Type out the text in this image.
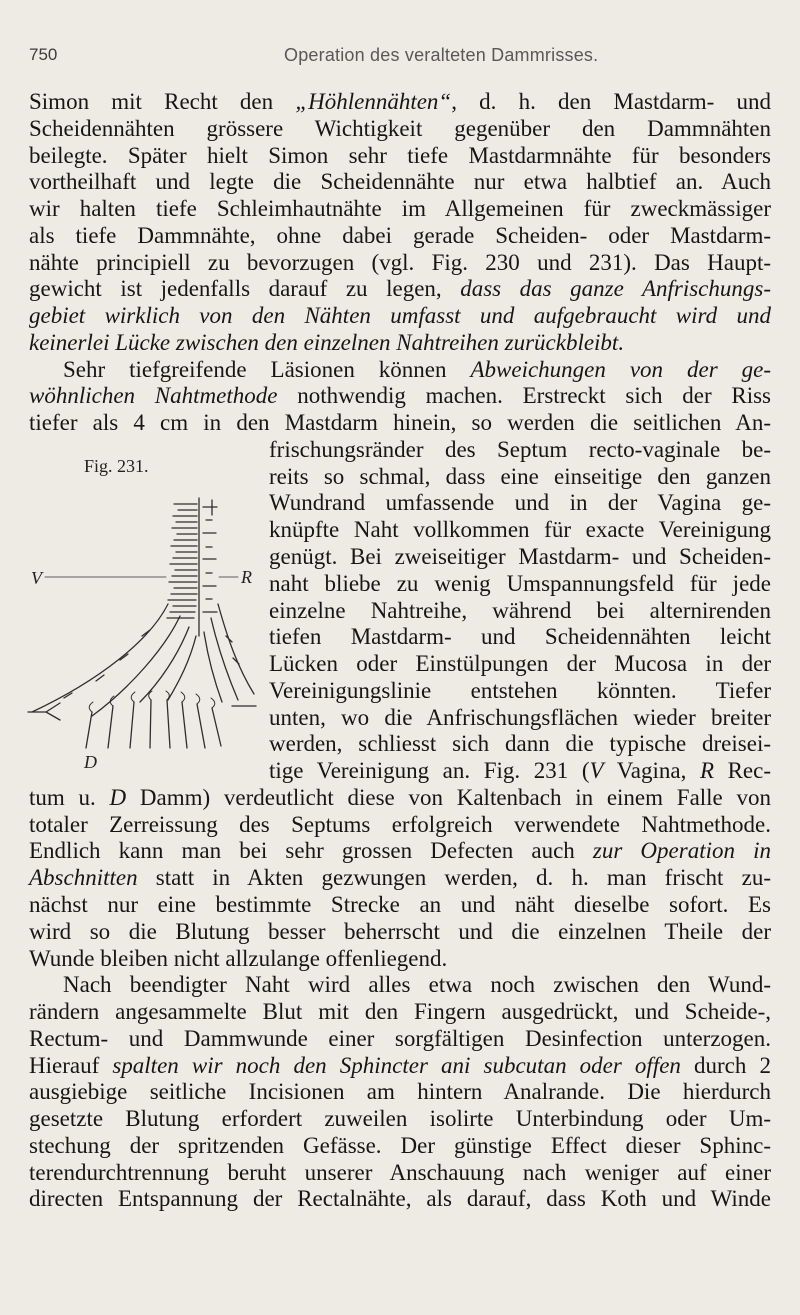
750	Operation des veralteten Dammrisses.
Simon mit Recht den „Höhlennähten“, d. h. den Mastdarm- und
Scheidennähten grössere Wichtigkeit gegenüber den Dammnähten
beilegte. Später hielt Simon sehr tiefe Mastdarmnähte für besonders
vortheilhaft und legte die Scheidennähte nur etwa halbtief an. Auch
wir halten tiefe Schleimhautnähte im Allgemeinen für zweckmässiger
als tiefe Dammnähte, ohne dabei gerade Scheiden- oder Mastdarm-
nähte principiell zu bevorzugen (vgl. Fig. 230 und 231). Das Haupt-
gewicht ist jedenfalls darauf zu legen, dass das ganze Anfrischungs-
gebiet wirklich von den Nähten umfasst und aufgebraucht wird und
keinerlei Lücke zwischen den einzelnen Nahtreihen zurückbleibt.
Sehr tiefgreifende Läsionen können Abweichungen von der ge-
wöhnlichen Nahtmethode nothwendig machen. Erstreckt sich der Riss
tiefer als 4 cm in den Mastdarm hinein, so werden die seitlichen An-
frischungsränder des Septum recto-vaginale be-
reits so schmal, dass eine einseitige den ganzen
Wundrand umfassende und in der Vagina ge-
knüpfte Naht vollkommen für exacte Vereinigung
genügt. Bei zweiseitiger Mastdarm- und Scheiden-
naht bliebe zu wenig Umspannungsfeld für jede
einzelne Nahtreihe, während bei alternirenden
tiefen Mastdarm- und Scheidennähten leicht
Lücken oder Einstülpungen der Mucosa in der
Vereinigungslinie entstehen könnten. Tiefer
unten, wo die Anfrischungsflächen wieder breiter
werden, schliesst sich dann die typische dreisei-
tige Vereinigung an. Fig. 231 (V Vagina, R Rec-
tum u. D Damm) verdeutlicht diese von Kaltenbach in einem Falle von
totaler Zerreissung des Septums erfolgreich verwendete Nahtmethode.
Endlich kann man bei sehr grossen Defecten auch zur Operation in
Abschnitten statt in Akten gezwungen werden, d. h. man frischt zu-
nächst nur eine bestimmte Strecke an und näht dieselbe sofort. Es
wird so die Blutung besser beherrscht und die einzelnen Theile der
Wunde bleiben nicht allzulange offenliegend.
Nach beendigter Naht wird alles etwa noch zwischen den Wund-
rändern angesammelte Blut mit den Fingern ausgedrückt, und Scheide-,
Rectum- und Dammwunde einer sorgfältigen Desinfection unterzogen.
Hierauf spalten wir noch den Sphincter ani subcutan oder offen durch 2
ausgiebige seitliche Incisionen am hintern Analrande. Die hierdurch
gesetzte Blutung erfordert zuweilen isolirte Unterbindung oder Um-
stechung der spritzenden Gefässe. Der günstige Effect dieser Sphinc-
terendurchtrennung beruht unserer Anschauung nach weniger auf einer
directen Entspannung der Rectalnähte, als darauf, dass Koth und Winde
Fig. 231.
V	R
D
